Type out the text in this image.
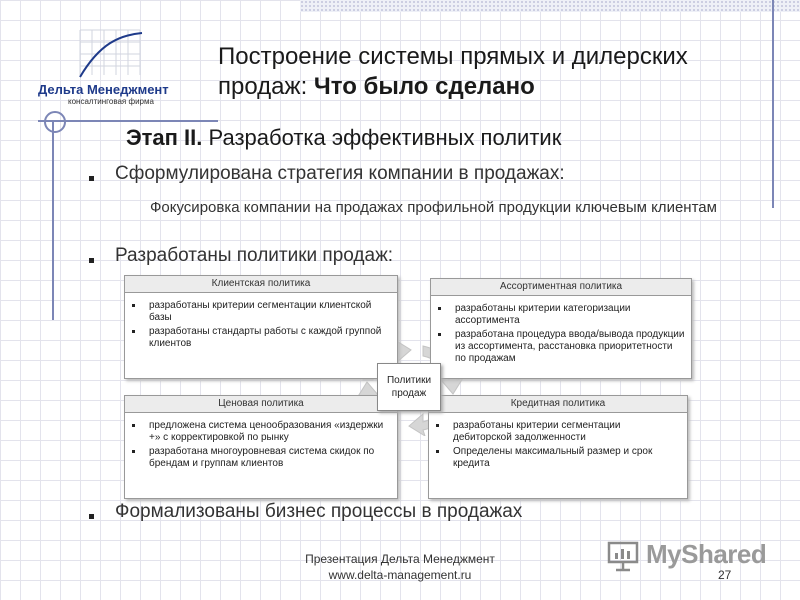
Дельта Менеджмент
консалтинговая фирма
Построение системы прямых и дилерских
продаж: Что было сделано
Этап II. Разработка эффективных политик
Сформулирована стратегия компании в продажах:
Фокусировка компании на продажах профильной продукции ключевым клиентам
Разработаны политики продаж:
Клиентская политика
разработаны критерии сегментации клиентской базы
разработаны стандарты работы с каждой группой клиентов
Ассортиментная политика
разработаны критерии категоризации ассортимента
разработана процедура ввода/вывода продукции из ассортимента, расстановка приоритетности по продажам
Ценовая политика
предложена система ценообразования «издержки +» с корректировкой по рынку
разработана многоуровневая система скидок по брендам и группам клиентов
Кредитная политика
разработаны критерии сегментации дебиторской задолженности
Определены максимальный размер и срок кредита
Политики продаж
Формализованы бизнес процессы в продажах
Презентация Дельта Менеджмент
www.delta-management.ru	27
MyShared
